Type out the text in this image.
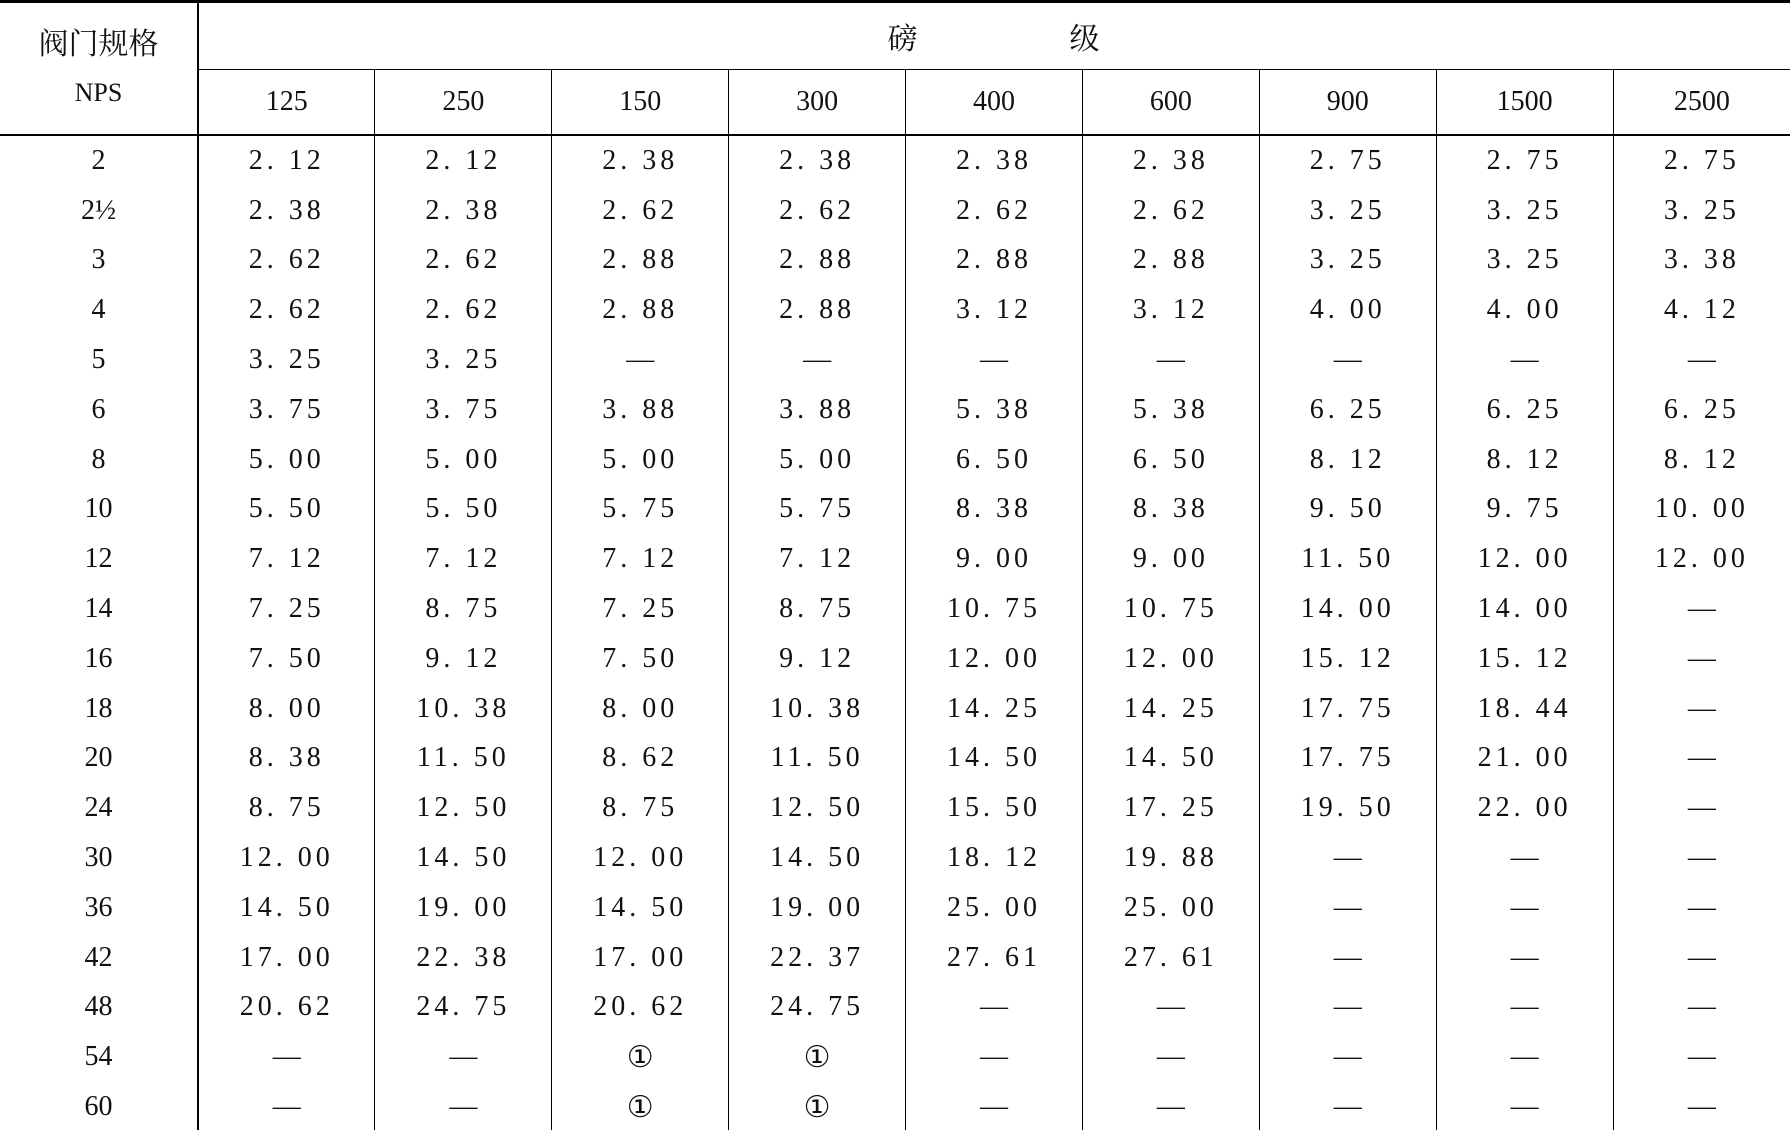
阀门规格
NPS	磅 级								
	125	250	150	300	400	600	900	1500	2500
2	2. 12	2. 12	2. 38	2. 38	2. 38	2. 38	2. 75	2. 75	2. 75
2½	2. 38	2. 38	2. 62	2. 62	2. 62	2. 62	3. 25	3. 25	3. 25
3	2. 62	2. 62	2. 88	2. 88	2. 88	2. 88	3. 25	3. 25	3. 38
4	2. 62	2. 62	2. 88	2. 88	3. 12	3. 12	4. 00	4. 00	4. 12
5	3. 25	3. 25	—	—	—	—	—	—	—
6	3. 75	3. 75	3. 88	3. 88	5. 38	5. 38	6. 25	6. 25	6. 25
8	5. 00	5. 00	5. 00	5. 00	6. 50	6. 50	8. 12	8. 12	8. 12
10	5. 50	5. 50	5. 75	5. 75	8. 38	8. 38	9. 50	9. 75	10. 00
12	7. 12	7. 12	7. 12	7. 12	9. 00	9. 00	11. 50	12. 00	12. 00
14	7. 25	8. 75	7. 25	8. 75	10. 75	10. 75	14. 00	14. 00	—
16	7. 50	9. 12	7. 50	9. 12	12. 00	12. 00	15. 12	15. 12	—
18	8. 00	10. 38	8. 00	10. 38	14. 25	14. 25	17. 75	18. 44	—
20	8. 38	11. 50	8. 62	11. 50	14. 50	14. 50	17. 75	21. 00	—
24	8. 75	12. 50	8. 75	12. 50	15. 50	17. 25	19. 50	22. 00	—
30	12. 00	14. 50	12. 00	14. 50	18. 12	19. 88	—	—	—
36	14. 50	19. 00	14. 50	19. 00	25. 00	25. 00	—	—	—
42	17. 00	22. 38	17. 00	22. 37	27. 61	27. 61	—	—	—
48	20. 62	24. 75	20. 62	24. 75	—	—	—	—	—
54	—	—	①	①	—	—	—	—	—
60	—	—	①	①	—	—	—	—	—
